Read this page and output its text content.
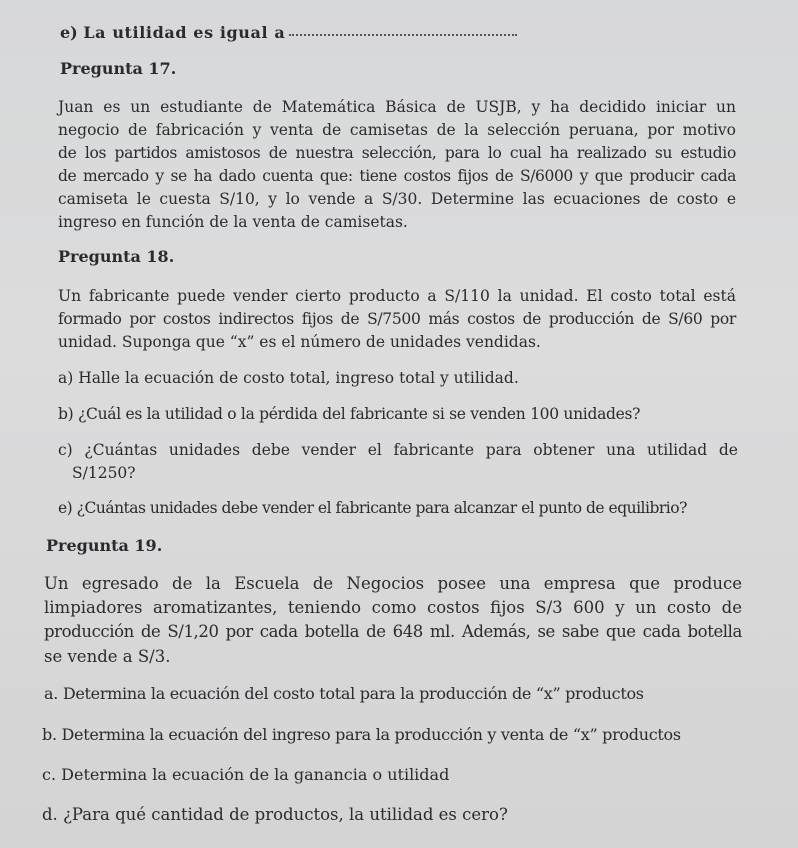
e) La utilidad es igual a
Pregunta 17.
Juan es un estudiante de Matemática Básica de USJB, y ha decidido iniciar un
negocio de fabricación y venta de camisetas de la selección peruana, por motivo
de los partidos amistosos de nuestra selección, para lo cual ha realizado su estudio
de mercado y se ha dado cuenta que: tiene costos fijos de S/6000 y que producir cada
camiseta le cuesta S/10, y lo vende a S/30. Determine las ecuaciones de costo e
ingreso en función de la venta de camisetas.
Pregunta 18.
Un fabricante puede vender cierto producto a S/110 la unidad. El costo total está
formado por costos indirectos fijos de S/7500 más costos de producción de S/60 por
unidad. Suponga que “x” es el número de unidades vendidas.
a) Halle la ecuación de costo total, ingreso total y utilidad.
b) ¿Cuál es la utilidad o la pérdida del fabricante si se venden 100 unidades?
c) ¿Cuántas unidades debe vender el fabricante para obtener una utilidad de
S/1250?
e) ¿Cuántas unidades debe vender el fabricante para alcanzar el punto de equilibrio?
Pregunta 19.
Un egresado de la Escuela de Negocios posee una empresa que produce
limpiadores aromatizantes, teniendo como costos fijos S/3 600 y un costo de
producción de S/1,20 por cada botella de 648 ml. Además, se sabe que cada botella
se vende a S/3.
a. Determina la ecuación del costo total para la producción de “x” productos
b. Determina la ecuación del ingreso para la producción y venta de “x” productos
c. Determina la ecuación de la ganancia o utilidad
d. ¿Para qué cantidad de productos, la utilidad es cero?
